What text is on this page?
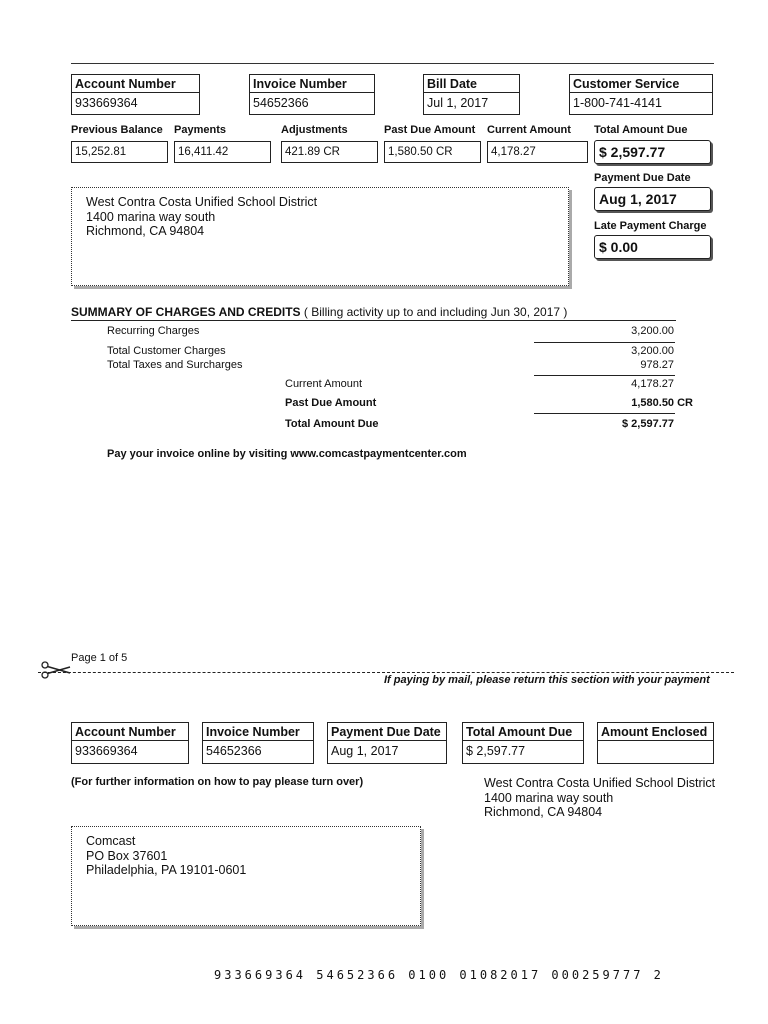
Account Number
933669364
Invoice Number
54652366
Bill Date
Jul 1, 2017
Customer Service
1-800-741-4141
Previous Balance
15,252.81
Payments
16,411.42
Adjustments
421.89 CR
Past Due Amount
1,580.50 CR
Current Amount
4,178.27
Total Amount Due
$ 2,597.77
Payment Due Date
Aug 1, 2017
Late Payment Charge
$ 0.00
West Contra Costa Unified School District
1400 marina way south
Richmond, CA 94804
SUMMARY OF CHARGES AND CREDITS ( Billing activity up to and including Jun 30, 2017 )
Recurring Charges	3,200.00
Total Customer Charges	3,200.00
Total Taxes and Surcharges	978.27
Current Amount	4,178.27
Past Due Amount	1,580.50 CR
Total Amount Due	$ 2,597.77
Pay your invoice online by visiting www.comcastpaymentcenter.com
Page 1 of 5
If paying by mail, please return this section with your payment
Account Number
933669364
Invoice Number
54652366
Payment Due Date
Aug 1, 2017
Total Amount Due
$ 2,597.77
Amount Enclosed
(For further information on how to pay please turn over)	West Contra Costa Unified School District
1400 marina way south
Richmond, CA 94804
Comcast
PO Box 37601
Philadelphia, PA 19101-0601
933669364 54652366 0100 01082017 000259777 2
